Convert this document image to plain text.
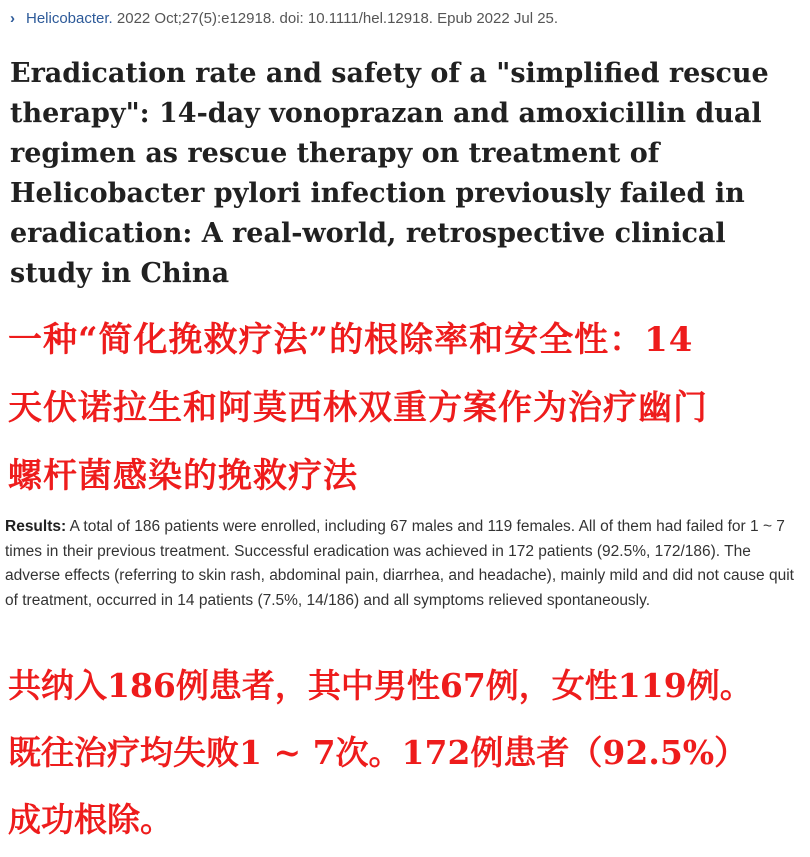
› Helicobacter. 2022 Oct;27(5):e12918. doi: 10.1111/hel.12918. Epub 2022 Jul 25.
Eradication rate and safety of a "simplified rescue
therapy": 14-day vonoprazan and amoxicillin dual
regimen as rescue therapy on treatment of
Helicobacter pylori infection previously failed in
eradication: A real-world, retrospective clinical
study in China
一种“简化挽救疗法”的根除率和安全性：14
天伏诺拉生和阿莫西林双重方案作为治疗幽门
螺杆菌感染的挽救疗法

Results: A total of 186 patients were enrolled, including 67 males and 119 females. All of them had failed for 1 ~ 7 times in their previous treatment. Successful eradication was achieved in 172 patients (92.5%, 172/186). The adverse effects (referring to skin rash, abdominal pain, diarrhea, and headache), mainly mild and did not cause quit of treatment, occurred in 14 patients (7.5%, 14/186) and all symptoms relieved spontaneously.

共纳入186例患者，其中男性67例，女性119例。
既往治疗均失败1 ~ 7次。172例患者（92.5%）
成功根除。
